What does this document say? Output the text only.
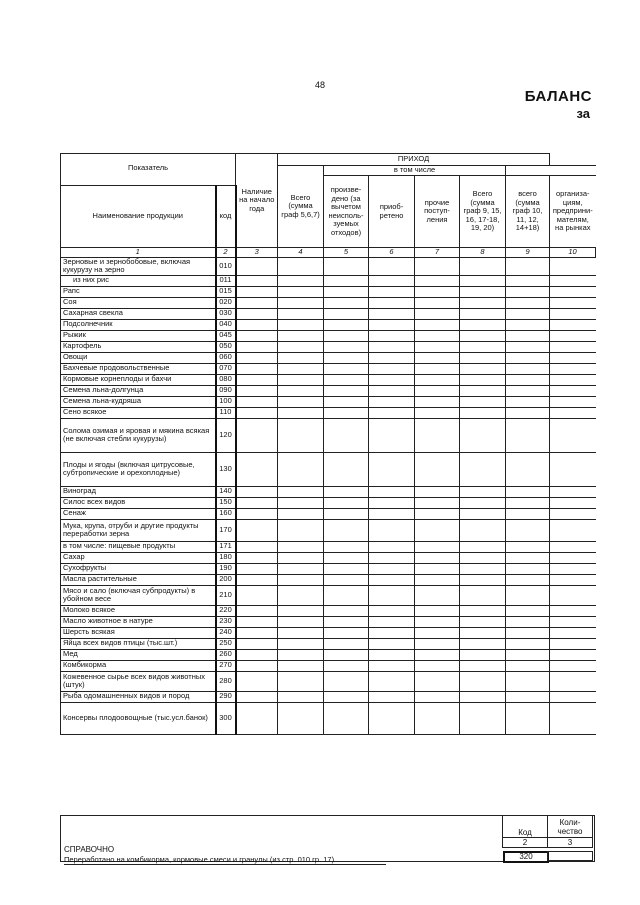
48
БАЛАНС
за
Показатель		Наличие на начало года	ПРИХОД						
			Всего (сумма граф 5,6,7)	в том числе					
				произве-дено (за вычетом неисполь-зуемых отходов)	приоб-ретено	прочие поступ-ления	Всего (сумма граф 9, 15, 16, 17-18, 19, 20)	всего (сумма граф 10, 11, 12, 14+18)	организа-циям, предприни-мателям, на рынках
Наименование продукции	код								
1	2	3	4	5	6	7	8	9	10
Зерновые и зернобобовые, включая кукурузу на зерно	010								
из них рис	011								
Рапс	015								
Соя	020								
Сахарная свекла	030								
Подсолнечник	040								
Рыжик	045								
Картофель	050								
Овощи	060								
Бахчевые продовольственные	070								
Кормовые корнеплоды и бахчи	080								
Семена льна-долгунца	090								
Семена льна-кудряша	100								
Сено всякое	110								
Солома озимая и яровая и мякина всякая (не включая стебли кукурузы)	120								
Плоды и ягоды (включая цитрусовые, субтропические и орехоплодные)	130								
Виноград	140								
Силос всех видов	150								
Сенаж	160								
Мука, крупа, отруби и другие продукты переработки зерна	170								
в том числе: пищевые продукты	171								
Сахар	180								
Сухофрукты	190								
Масла растительные	200								
Мясо и сало (включая субпродукты) в убойном весе	210								
Молоко всякое	220								
Масло животное в натуре	230								
Шерсть всякая	240								
Яйца всех видов птицы (тыс.шт.)	250								
Мед	260								
Комбикорма	270								
Кожевенное сырье всех видов животных (штук)	280								
Рыба одомашненных видов и пород	290								
Консервы плодоовощные (тыс.усл.банок)	300								
Код	Коли-чество
2	3
СПРАВОЧНО
Переработано на комбикорма, кормовые смеси и гранулы (из стр. 010 гр. 17)	320
